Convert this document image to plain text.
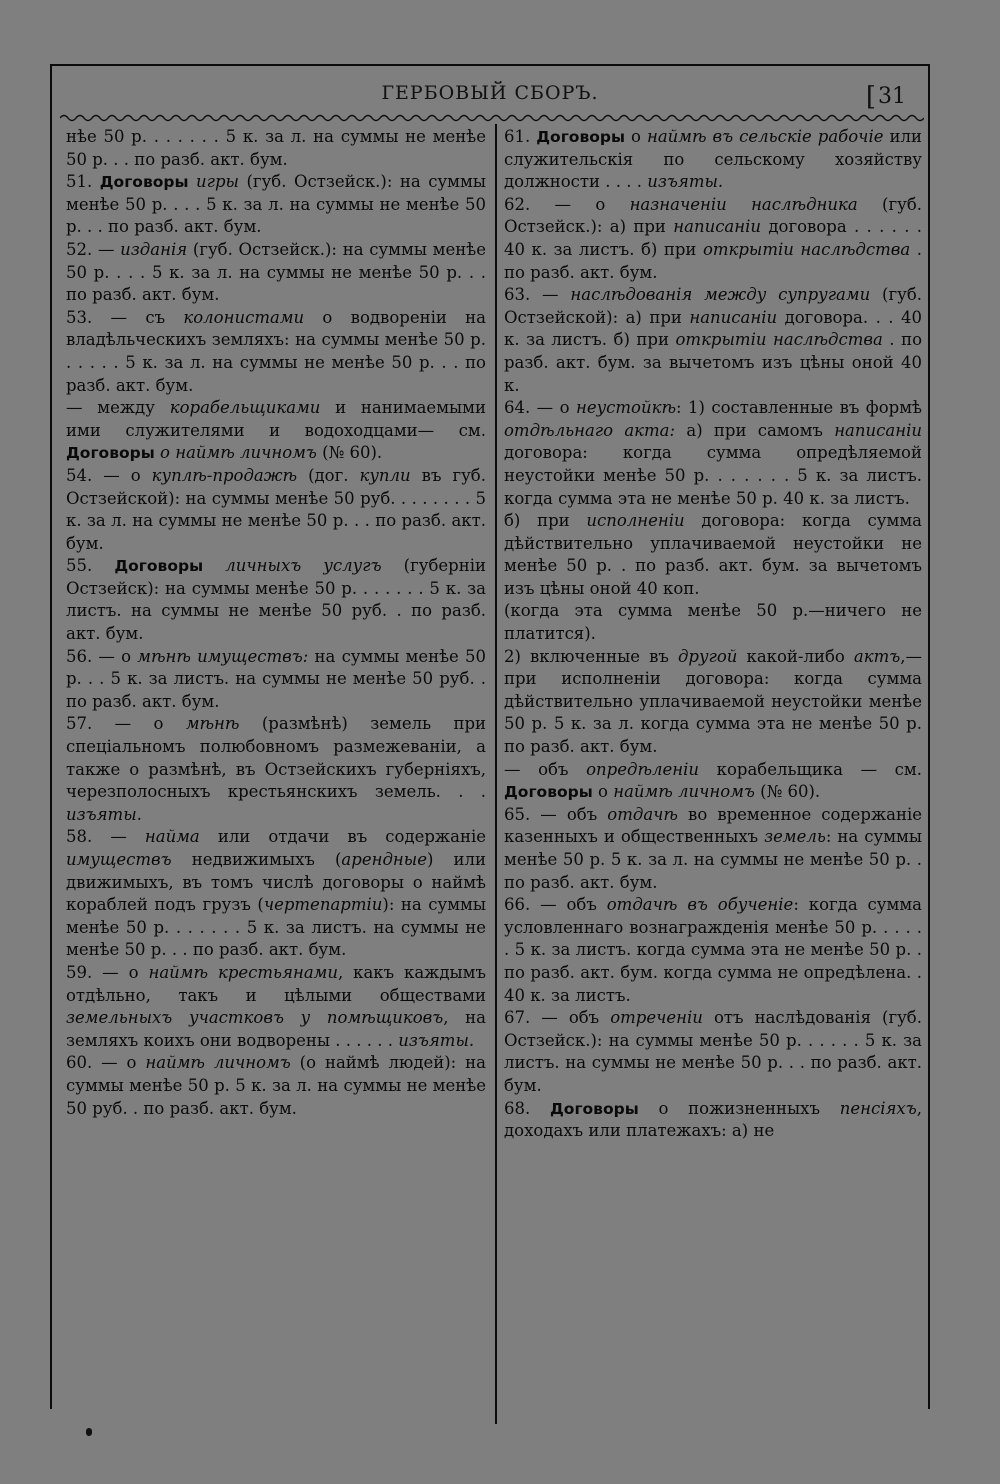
ГЕРБОВЫЙ СБОРЪ.	[31

нѣе 50 р. . . . . . . 5 к. за л. на суммы не менѣе 50 р. . . по разб. акт. бум.

51. Договоры игры (губ. Остзейск.): на суммы менѣе 50 р. . . . 5 к. за л. на суммы не менѣе 50 р. . . по разб. акт. бум.

52. — изданія (губ. Остзейск.): на суммы менѣе 50 р. . . . 5 к. за л. на суммы не менѣе 50 р. . . по разб. акт. бум.

53. — съ колонистами о водвореніи на владѣльческихъ земляхъ: на суммы менѣе 50 р. . . . . . 5 к. за л. на суммы не менѣе 50 р. . . по разб. акт. бум.

— между корабельщиками и нанимаемыми ими служителями и водоходцами— см. Договоры о наймѣ личномъ (№ 60).

54. — о куплѣ-продажѣ (дог. купли въ губ. Остзейской): на суммы менѣе 50 руб. . . . . . . . 5 к. за л. на суммы не менѣе 50 р. . . по разб. акт. бум.

55. Договоры личныхъ услугъ (губерніи Остзейск): на суммы менѣе 50 р. . . . . . . 5 к. за листъ. на суммы не менѣе 50 руб. . по разб. акт. бум.

56. — о мѣнѣ имуществъ: на суммы менѣе 50 р. . . 5 к. за листъ. на суммы не менѣе 50 руб. . по разб. акт. бум.

57. — о мѣнѣ (размѣнѣ) земель при спеціальномъ полюбовномъ размежеваніи, а также о размѣнѣ, въ Остзейскихъ губерніяхъ, черезполосныхъ крестьянскихъ земель. . . изъяты.

58. — найма или отдачи въ содержаніе имуществъ недвижимыхъ (арендные) или движимыхъ, въ томъ числѣ договоры о наймѣ кораблей подъ грузъ (чертепартіи): на суммы менѣе 50 р. . . . . . . 5 к. за листъ. на суммы не менѣе 50 р. . . по разб. акт. бум.

59. — о наймѣ крестьянами, какъ каждымъ отдѣльно, такъ и цѣлыми обществами земельныхъ участковъ у помѣщиковъ, на земляхъ коихъ они водворены . . . . . . изъяты.

60. — о наймѣ личномъ (о наймѣ людей): на суммы менѣе 50 р. 5 к. за л. на суммы не менѣе 50 руб. . по разб. акт. бум.

61. Договоры о наймѣ въ сельскіе рабочіе или служительскія по сельскому хозяйству должности . . . . изъяты.

62. — о назначеніи наслѣдника (губ. Остзейск.): а) при написаніи договора . . . . . . 40 к. за листъ. б) при открытіи наслѣдства . по разб. акт. бум.

63. — наслѣдованія между супругами (губ. Остзейской): а) при написаніи договора. . . 40 к. за листъ. б) при открытіи наслѣдства . по разб. акт. бум. за вычетомъ изъ цѣны оной 40 к.

64. — о неустойкѣ: 1) составленные въ формѣ отдѣльнаго акта: а) при самомъ написаніи договора: когда сумма опредѣляемой неустойки менѣе 50 р. . . . . . . 5 к. за листъ. когда сумма эта не менѣе 50 р. 40 к. за листъ.

б) при исполненіи договора: когда сумма дѣйствительно уплачиваемой неустойки не менѣе 50 р. . по разб. акт. бум. за вычетомъ изъ цѣны оной 40 коп.

(когда эта сумма менѣе 50 р.—ничего не платится).

2) включенные въ другой какой-либо актъ,—при исполненіи договора: когда сумма дѣйствительно уплачиваемой неустойки менѣе 50 р. 5 к. за л. когда сумма эта не менѣе 50 р. по разб. акт. бум.

— объ опредѣленіи корабельщика — см. Договоры о наймѣ личномъ (№ 60).

65. — объ отдачѣ во временное содержаніе казенныхъ и общественныхъ земель: на суммы менѣе 50 р. 5 к. за л. на суммы не менѣе 50 р. . по разб. акт. бум.

66. — объ отдачѣ въ обученіе: когда сумма условленнаго вознагражденія менѣе 50 р. . . . . . 5 к. за листъ. когда сумма эта не менѣе 50 р. . по разб. акт. бум. когда сумма не опредѣлена. . 40 к. за листъ.

67. — объ отреченіи отъ наслѣдованія (губ. Остзейск.): на суммы менѣе 50 р. . . . . . 5 к. за листъ. на суммы не менѣе 50 р. . . по разб. акт. бум.

68. Договоры о пожизненныхъ пенсіяхъ, доходахъ или платежахъ: а) не
